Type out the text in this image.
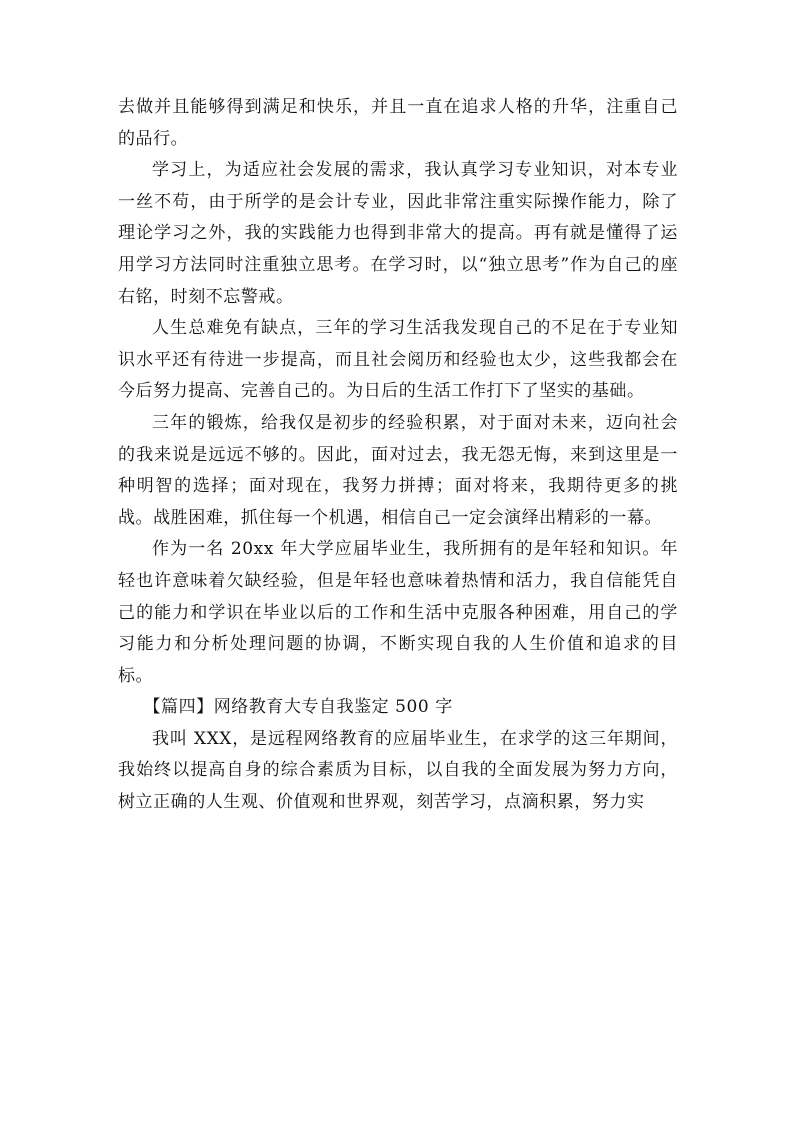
去做并且能够得到满足和快乐，并且一直在追求人格的升华，注重自己的品行。

学习上，为适应社会发展的需求，我认真学习专业知识，对本专业一丝不苟，由于所学的是会计专业，因此非常注重实际操作能力，除了理论学习之外，我的实践能力也得到非常大的提高。再有就是懂得了运用学习方法同时注重独立思考。在学习时，以“独立思考”作为自己的座右铭，时刻不忘警戒。

人生总难免有缺点，三年的学习生活我发现自己的不足在于专业知识水平还有待进一步提高，而且社会阅历和经验也太少，这些我都会在今后努力提高、完善自己的。为日后的生活工作打下了坚实的基础。

三年的锻炼，给我仅是初步的经验积累，对于面对未来，迈向社会的我来说是远远不够的。因此，面对过去，我无怨无悔，来到这里是一种明智的选择；面对现在，我努力拼搏；面对将来，我期待更多的挑战。战胜困难，抓住每一个机遇，相信自己一定会演绎出精彩的一幕。

作为一名 20xx 年大学应届毕业生，我所拥有的是年轻和知识。年轻也许意味着欠缺经验，但是年轻也意味着热情和活力，我自信能凭自己的能力和学识在毕业以后的工作和生活中克服各种困难，用自己的学习能力和分析处理问题的协调，不断实现自我的人生价值和追求的目标。

【篇四】网络教育大专自我鉴定 500 字

我叫 XXX，是远程网络教育的应届毕业生，在求学的这三年期间，我始终以提高自身的综合素质为目标，以自我的全面发展为努力方向，树立正确的人生观、价值观和世界观，刻苦学习，点滴积累，努力实
